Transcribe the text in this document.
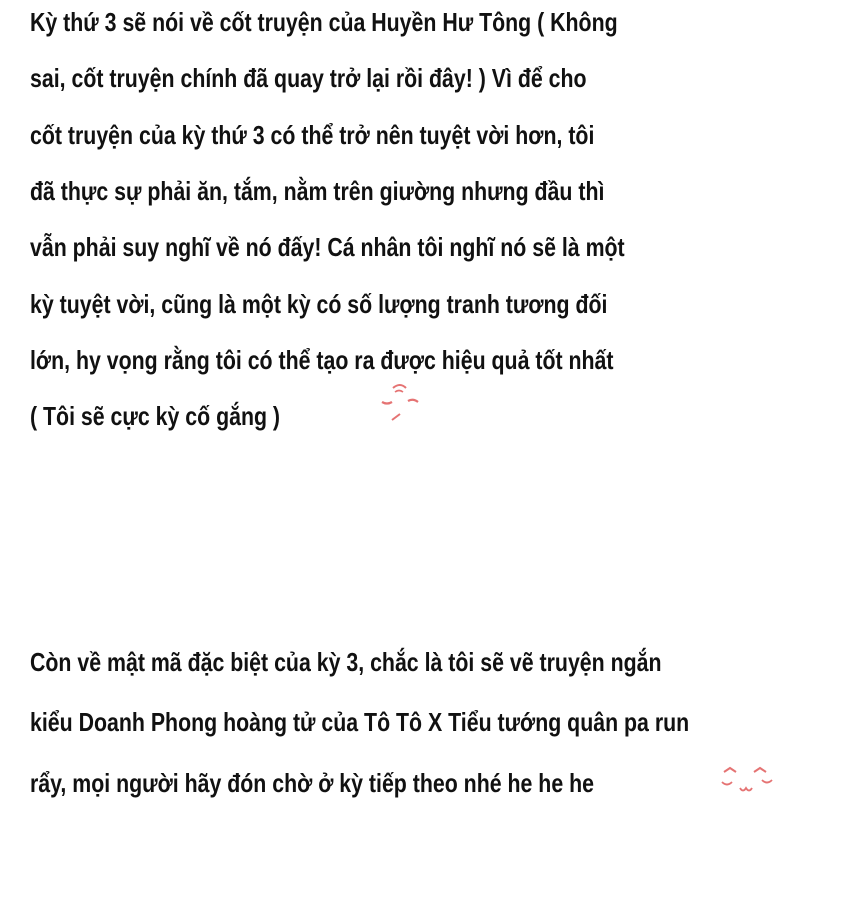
Kỳ thứ 3 sẽ nói về cốt truyện của Huyền Hư Tông ( Không
sai, cốt truyện chính đã quay trở lại rồi đây! ) Vì để cho
cốt truyện của kỳ thứ 3 có thể trở nên tuyệt vời hơn, tôi
đã thực sự phải ăn, tắm, nằm trên giường nhưng đầu thì
vẫn phải suy nghĩ về nó đấy! Cá nhân tôi nghĩ nó sẽ là một
kỳ tuyệt vời, cũng là một kỳ có số lượng tranh tương đối
lớn, hy vọng rằng tôi có thể tạo ra được hiệu quả tốt nhất
( Tôi sẽ cực kỳ cố gắng )
Còn về mật mã đặc biệt của kỳ 3, chắc là tôi sẽ vẽ truyện ngắn
kiểu Doanh Phong hoàng tử của Tô Tô X Tiểu tướng quân pa run
rẩy, mọi người hãy đón chờ ở kỳ tiếp theo nhé he he he
